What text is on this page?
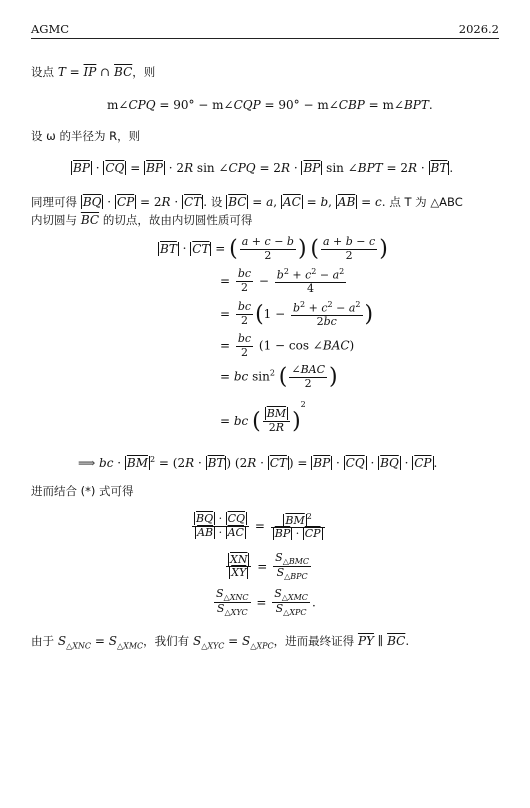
AGMC	2026.2
设点 $T = \overline{IP}$ ∩ $\overline{BC}$，则
m∠CPQ = 90° − m∠CQP = 90° − m∠CBP = m∠BPT.
设 ω 的半径为 R，则
$\overline{BP} \cdot \overline{CQ} = \overline{BP} \cdot 2R$ sin ∠CPQ = $2R \cdot \overline{BP}$ sin ∠BPT = $2R \cdot \overline{BT}$ .
同理可得 $\overline{BQ} \cdot \overline{CP} = 2R \cdot \overline{CT}$ . 设 $\overline{BC} = a$, $\overline{AC} = b$, $\overline{AB} = c$. 点 T 为 △ABC
内切圆与 $\overline{BC}$ 的切点，故由内切圆性质可得
$\overline{BT} \cdot \overline{CT}$ = ( $\frac{a + c - b}{2}$ ) ( $\frac{a + b - c}{2}$ )
= $\frac{bc}{2} - \frac{b^2 + c^2 - a^2}{4}$
= $\frac{bc}{2} (1 - \frac{b^2 + c^2 - a^2}{2bc}$ )
= $\frac{bc}{2} (1 - \cos$ ∠BAC)
= bc $\sin^2$ ( $\frac{\text{∠BAC}}{2}$ )
= bc ( $\frac{\overline{BM}}{2R} )^2$
⟹ bc · $\overline{BM}$ $^2 = (2R \cdot \overline{BT}$ ) ($2R \cdot \overline{CT}$ ) = $\overline{BP} \cdot \overline{CQ} \cdot \overline{BQ} \cdot \overline{CP}$ .
进而结合 (*) 式可得
$\frac{\overline{BQ} \cdot \overline{CQ}}{\overline{AB} \cdot \overline{AC}} = \frac{\overline{BM} ^2}{\overline{BP} \cdot \overline{CP}}$
$\frac{\overline{XN}}{XY} = \frac{S_{\triangle BMC}}{S_{\triangle BPC}}$
$\frac{S_{\triangle XNC}}{S_{\triangle XYC}} = \frac{S_{\triangle XMC}}{S_{\triangle XPC}}$ .
由于 $S_{\triangle XNC} = S_{\triangle XMC}$，我们有 $S_{\triangle XYC} = S_{\triangle XPC}$，进而最终证得 $\overline{PY}$ ∥ $\overline{BC}$.
